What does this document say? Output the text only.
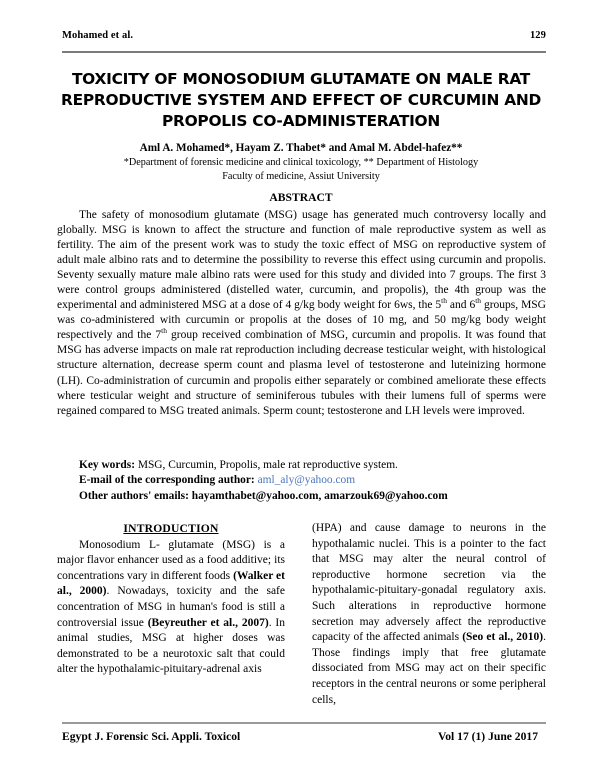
Mohamed et al.	129
TOXICITY OF MONOSODIUM GLUTAMATE ON MALE RAT REPRODUCTIVE SYSTEM AND EFFECT OF CURCUMIN AND PROPOLIS CO-ADMINISTERATION
Aml A. Mohamed*, Hayam Z. Thabet* and Amal M. Abdel-hafez**
*Department of forensic medicine and clinical toxicology, ** Department of Histology
Faculty of medicine, Assiut University
ABSTRACT
The safety of monosodium glutamate (MSG) usage has generated much controversy locally and globally. MSG is known to affect the structure and function of male reproductive system as well as fertility. The aim of the present work was to study the toxic effect of MSG on reproductive system of adult male albino rats and to determine the possibility to reverse this effect using curcumin and propolis. Seventy sexually mature male albino rats were used for this study and divided into 7 groups. The first 3 were control groups administered (distelled water, curcumin, and propolis), the 4th group was the experimental and administered MSG at a dose of 4 g/kg body weight for 6ws, the 5th and 6th groups, MSG was co-administered with curcumin or propolis at the doses of 10 mg, and 50 mg/kg body weight respectively and the 7th group received combination of MSG, curcumin and propolis. It was found that MSG has adverse impacts on male rat reproduction including decrease testicular weight, with histological structure alternation, decrease sperm count and plasma level of testosterone and luteinizing hormone (LH). Co-administration of curcumin and propolis either separately or combined ameliorate these effects where testicular weight and structure of seminiferous tubules with their lumens full of sperms were regained compared to MSG treated animals. Sperm count; testosterone and LH levels were improved.
Key words: MSG, Curcumin, Propolis, male rat reproductive system.
E-mail of the corresponding author: aml_aly@yahoo.com
Other authors' emails: hayamthabet@yahoo.com, amarzouk69@yahoo.com
INTRODUCTION

Monosodium L- glutamate (MSG) is a major flavor enhancer used as a food additive; its concentrations vary in different foods (Walker et al., 2000). Nowadays, toxicity and the safe concentration of MSG in human's food is still a controversial issue (Beyreuther et al., 2007). In animal studies, MSG at higher doses was demonstrated to be a neurotoxic salt that could alter the hypothalamic-pituitary-adrenal axis

(HPA) and cause damage to neurons in the hypothalamic nuclei. This is a pointer to the fact that MSG may alter the neural control of reproductive hormone secretion via the hypothalamic-pituitary-gonadal regulatory axis. Such alterations in reproductive hormone secretion may adversely affect the reproductive capacity of the affected animals (Seo et al., 2010). Those findings imply that free glutamate dissociated from MSG may act on their specific receptors in the central neurons or some peripheral cells,

Egypt J. Forensic Sci. Appli. Toxicol	Vol 17 (1) June 2017
